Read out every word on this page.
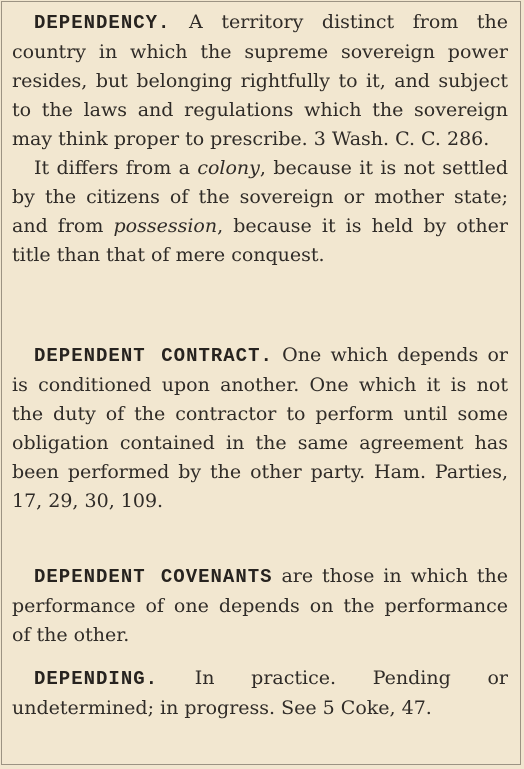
DEPENDENCY. A territory distinct from the country in which the supreme sovereign power resides, but belonging rightfully to it, and subject to the laws and regulations which the sovereign may think proper to prescribe. 3 Wash. C. C. 286.

It differs from a colony, because it is not settled by the citizens of the sovereign or mother state; and from possession, because it is held by other title than that of mere conquest.

DEPENDENT CONTRACT. One which depends or is conditioned upon another. One which it is not the duty of the contractor to perform until some obligation contained in the same agreement has been performed by the other party. Ham. Parties, 17, 29, 30, 109.

DEPENDENT COVENANTS are those in which the performance of one depends on the performance of the other.

DEPENDING. In practice. Pending or undetermined; in progress. See 5 Coke, 47.
